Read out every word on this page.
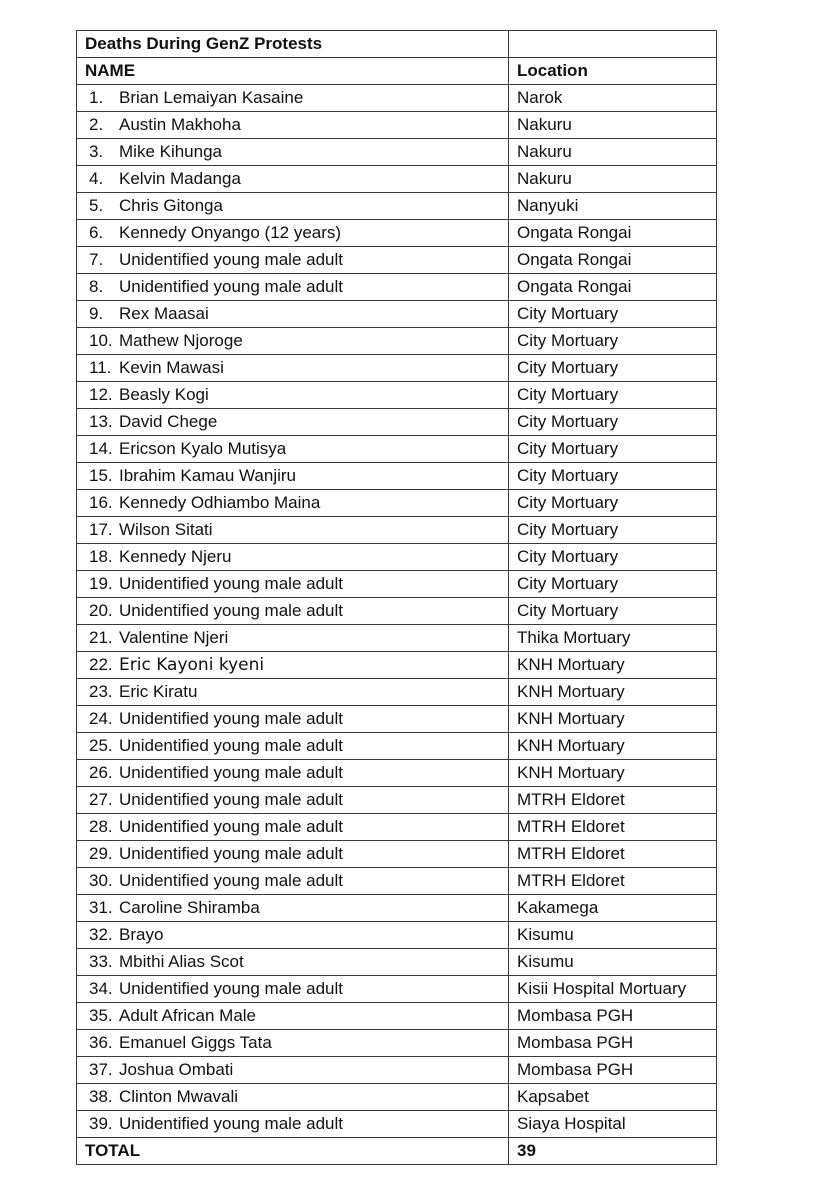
Deaths During GenZ Protests	
NAME	Location
1. Brian Lemaiyan Kasaine	Narok
2. Austin Makhoha	Nakuru
3. Mike Kihunga	Nakuru
4. Kelvin Madanga	Nakuru
5. Chris Gitonga	Nanyuki
6. Kennedy Onyango (12 years)	Ongata Rongai
7. Unidentified young male adult	Ongata Rongai
8. Unidentified young male adult	Ongata Rongai
9. Rex Maasai	City Mortuary
10. Mathew Njoroge	City Mortuary
11. Kevin Mawasi	City Mortuary
12. Beasly Kogi	City Mortuary
13. David Chege	City Mortuary
14. Ericson Kyalo Mutisya	City Mortuary
15. Ibrahim Kamau Wanjiru	City Mortuary
16. Kennedy Odhiambo Maina	City Mortuary
17. Wilson Sitati	City Mortuary
18. Kennedy Njeru	City Mortuary
19. Unidentified young male adult	City Mortuary
20. Unidentified young male adult	City Mortuary
21. Valentine Njeri	Thika Mortuary
22. Eric Kayoni kyeni	KNH Mortuary
23. Eric Kiratu	KNH Mortuary
24. Unidentified young male adult	KNH Mortuary
25. Unidentified young male adult	KNH Mortuary
26. Unidentified young male adult	KNH Mortuary
27. Unidentified young male adult	MTRH Eldoret
28. Unidentified young male adult	MTRH Eldoret
29. Unidentified young male adult	MTRH Eldoret
30. Unidentified young male adult	MTRH Eldoret
31. Caroline Shiramba	Kakamega
32. Brayo	Kisumu
33. Mbithi Alias Scot	Kisumu
34. Unidentified young male adult	Kisii Hospital Mortuary
35. Adult African Male	Mombasa PGH
36. Emanuel Giggs Tata	Mombasa PGH
37. Joshua Ombati	Mombasa PGH
38. Clinton Mwavali	Kapsabet
39. Unidentified young male adult	Siaya Hospital
TOTAL	39
